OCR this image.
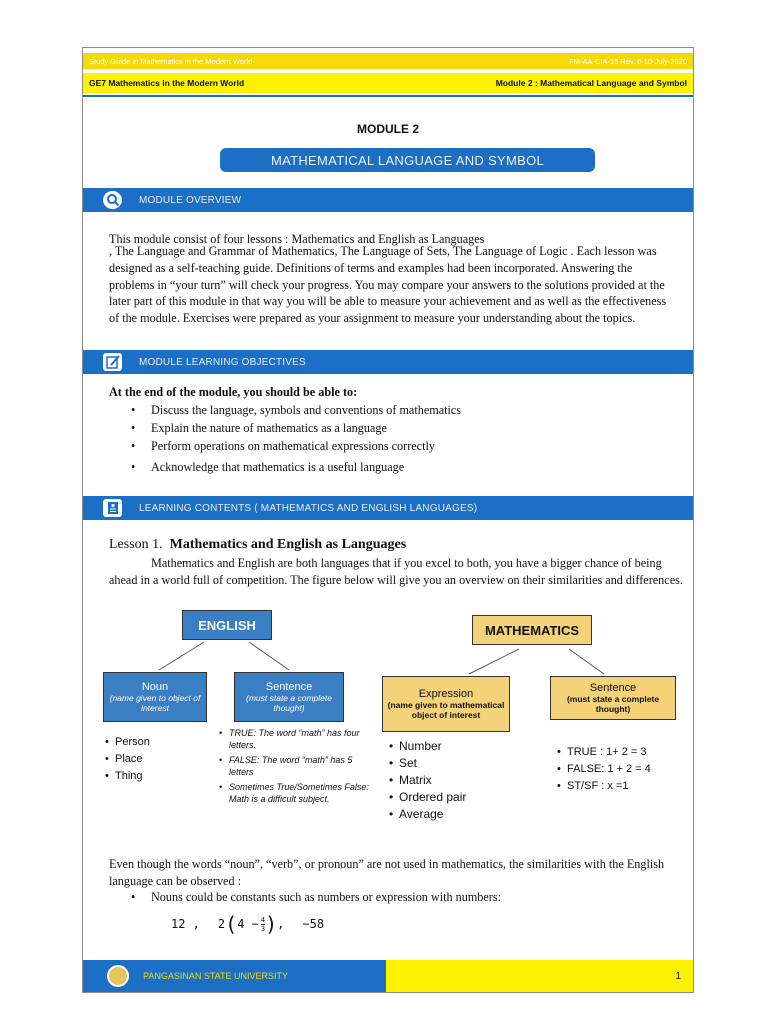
Study Guide in Mathematics in the Modern World	FM-AA-CIA-15 Rev. 0 10-July-2020
GE7 Mathematics in the Modern World	Module 2 : Mathematical Language and Symbol
MODULE 2
MATHEMATICAL LANGUAGE AND SYMBOL
MODULE OVERVIEW
This module consist of four lessons : Mathematics and English as Languages

, The Language and Grammar of Mathematics, The Language of Sets, The Language of Logic . Each lesson was designed as a self-teaching guide. Definitions of terms and examples had been incorporated. Answering the problems in “your turn” will check your progress. You may compare your answers to the solutions provided at the later part of this module in that way you will be able to measure your achievement and as well as the effectiveness of the module. Exercises were prepared as your assignment to measure your understanding about the topics.

MODULE LEARNING OBJECTIVES
At the end of the module, you should be able to:
• Discuss the language, symbols and conventions of mathematics
• Explain the nature of mathematics as a language
• Perform operations on mathematical expressions correctly
• Acknowledge that mathematics is a useful language
LEARNING CONTENTS ( MATHEMATICS AND ENGLISH LANGUAGES)
Lesson 1. Mathematics and English as Languages
Mathematics and English are both languages that if you excel to both, you have a bigger chance of being ahead in a world full of competition. The figure below will give you an overview on their similarities and differences.
ENGLISH	MATHEMATICS
Noun
(name given to object of interest
Sentence
(must state a complete thought)
Expression
(name given to mathematical object of interest
Sentence
(must state a complete thought)
• Person
• Place
• Thing
• TRUE: The word “math” has four letters.
• FALSE: The word “math” has 5 letters
• Sometimes True/Sometimes False: Math is a difficult subject.
• Number
• Set
• Matrix
• Ordered pair
• Average
• TRUE : 1+ 2 = 3
• FALSE: 1 + 2 = 4
• ST/SF : x =1
Even though the words “noun”, “verb”, or pronoun” are not used in mathematics, the similarities with the English language can be observed :
• Nouns could be constants such as numbers or expression with numbers:
12 , 2 ( $4 - \frac{4}{3}$ ) , −58
PANGASINAN STATE UNIVERSITY	1
